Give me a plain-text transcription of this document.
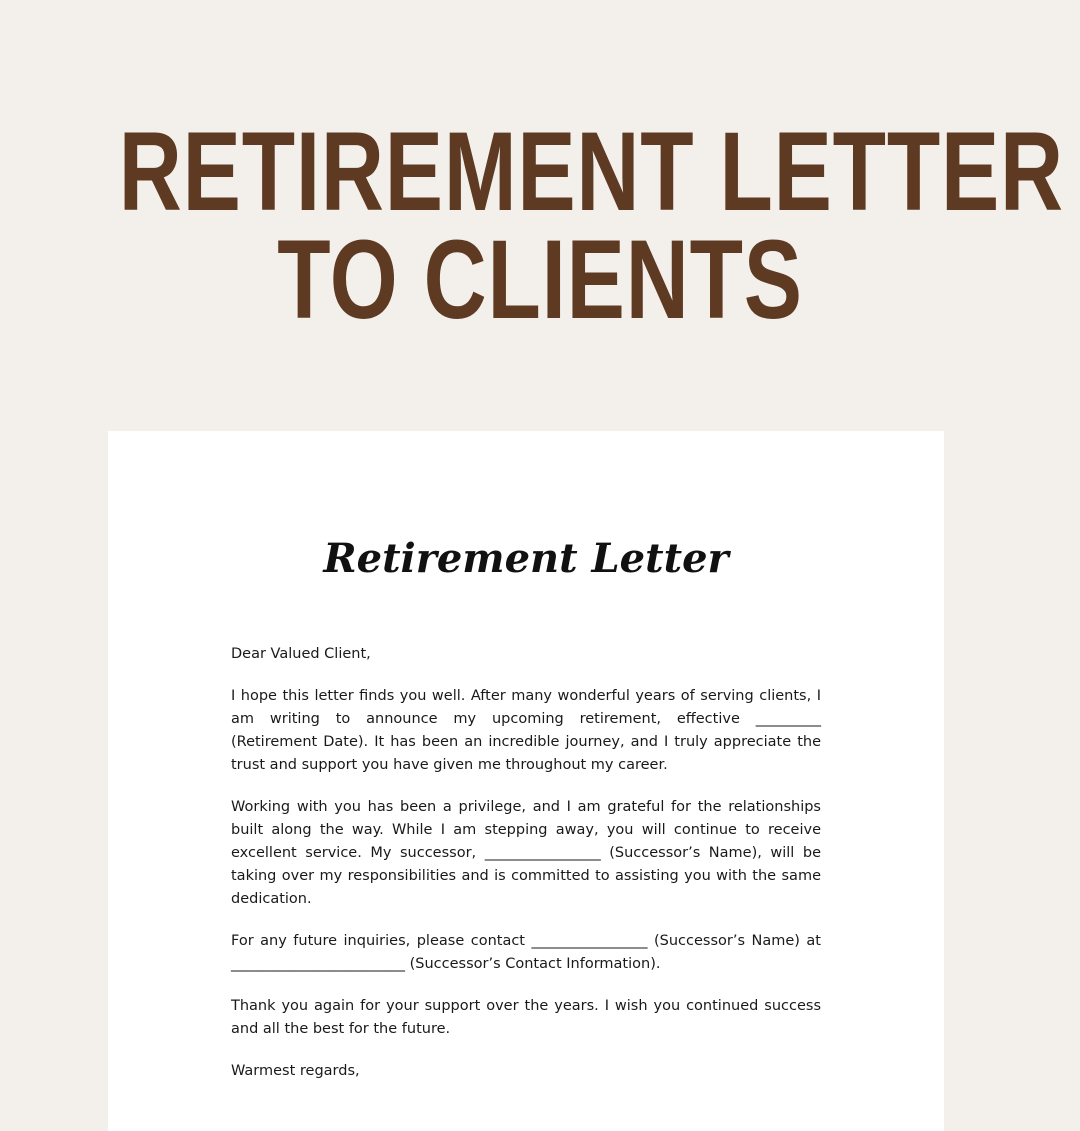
RETIREMENT LETTER
TO CLIENTS
Retirement Letter

Dear Valued Client,

I hope this letter finds you well. After many wonderful years of serving clients, I am writing to announce my upcoming retirement, effective _________ (Retirement Date). It has been an incredible journey, and I truly appreciate the trust and support you have given me throughout my career.

Working with you has been a privilege, and I am grateful for the relationships built along the way. While I am stepping away, you will continue to receive excellent service. My successor, ________________ (Successor’s Name), will be taking over my responsibilities and is committed to assisting you with the same dedication.

For any future inquiries, please contact ________________ (Successor’s Name) at ________________________ (Successor’s Contact Information).

Thank you again for your support over the years. I wish you continued success and all the best for the future.

Warmest regards,
